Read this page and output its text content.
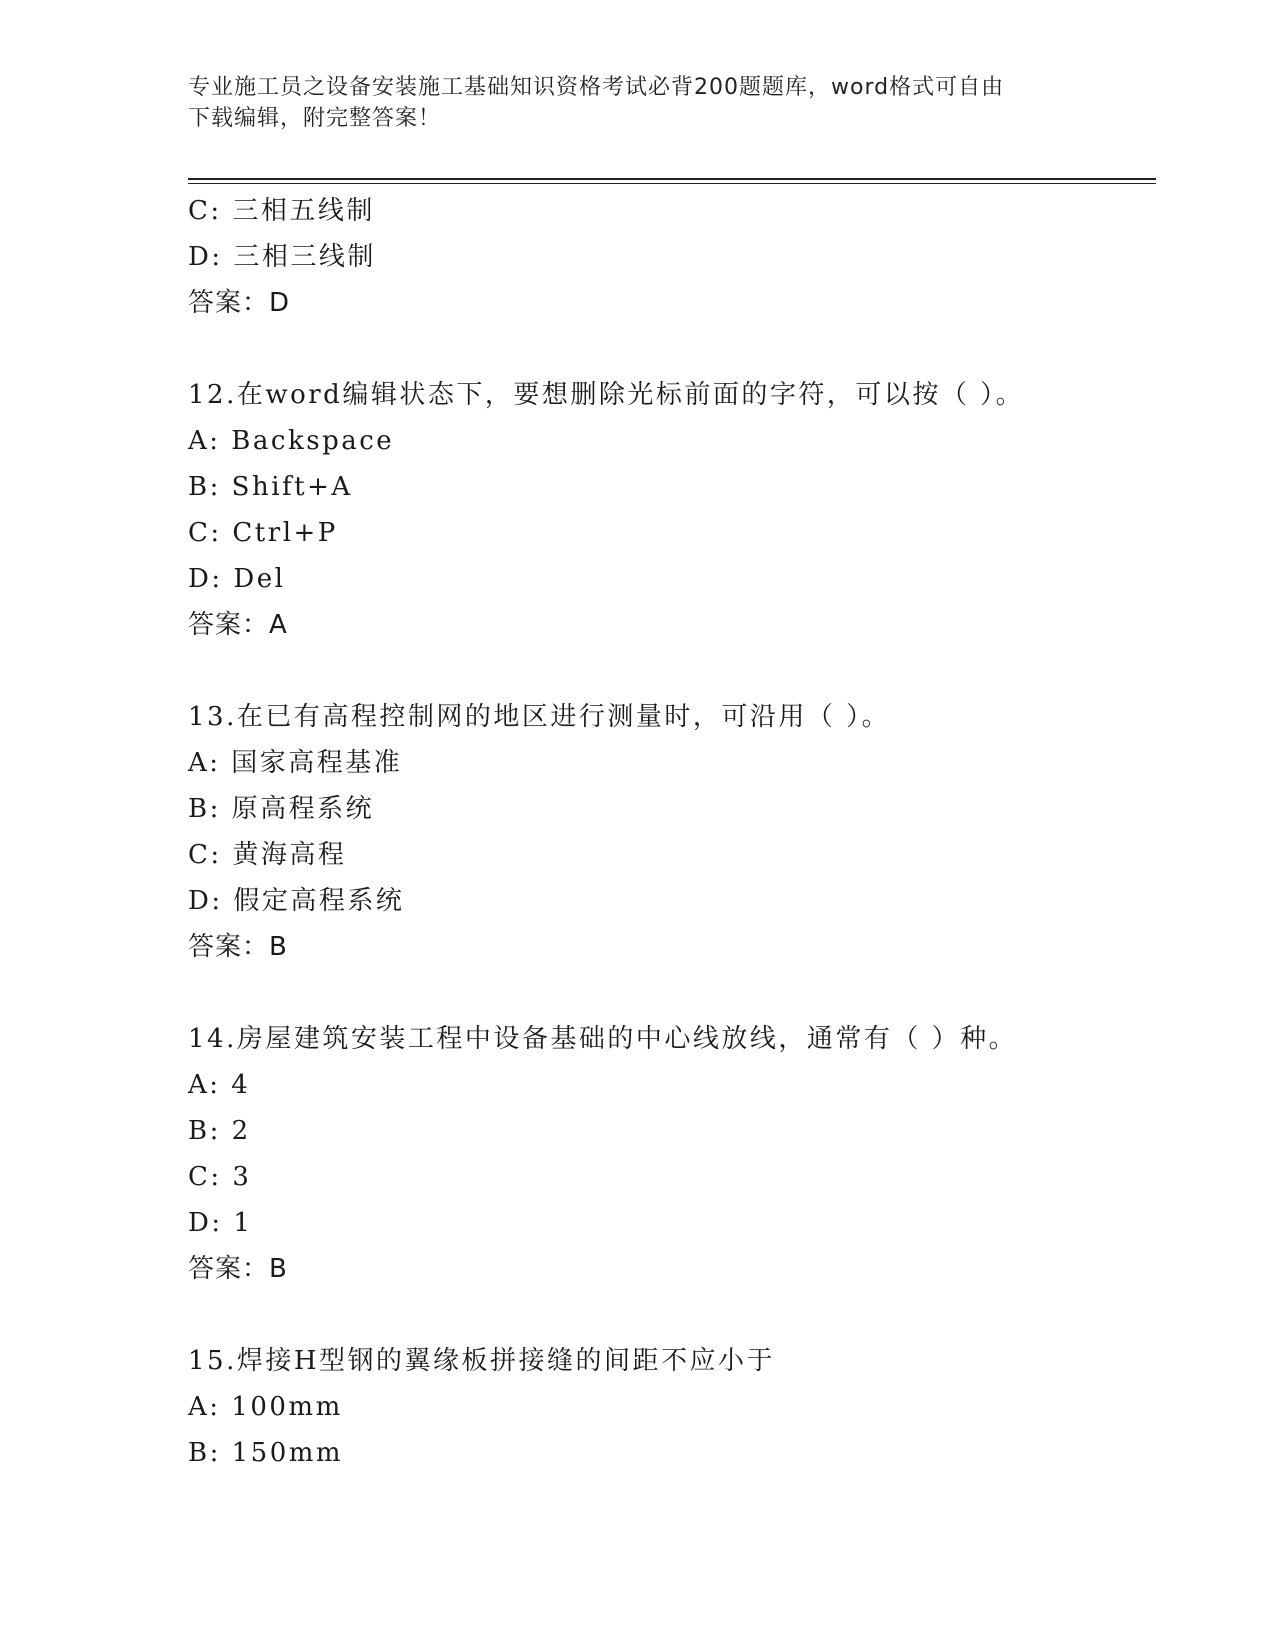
专业施工员之设备安装施工基础知识资格考试必背200题题库，word格式可自由
下载编辑，附完整答案！
C: 三相五线制
D: 三相三线制
答案：D
12.在word编辑状态下，要想删除光标前面的字符，可以按（ ）。
A: Backspace
B: Shift+A
C: Ctrl+P
D: Del
答案：A
13.在已有高程控制网的地区进行测量时，可沿用（ ）。
A: 国家高程基准
B: 原高程系统
C: 黄海高程
D: 假定高程系统
答案：B
14.房屋建筑安装工程中设备基础的中心线放线，通常有（ ）种。
A: 4
B: 2
C: 3
D: 1
答案：B
15.焊接H型钢的翼缘板拼接缝的间距不应小于
A: 100mm
B: 150mm
